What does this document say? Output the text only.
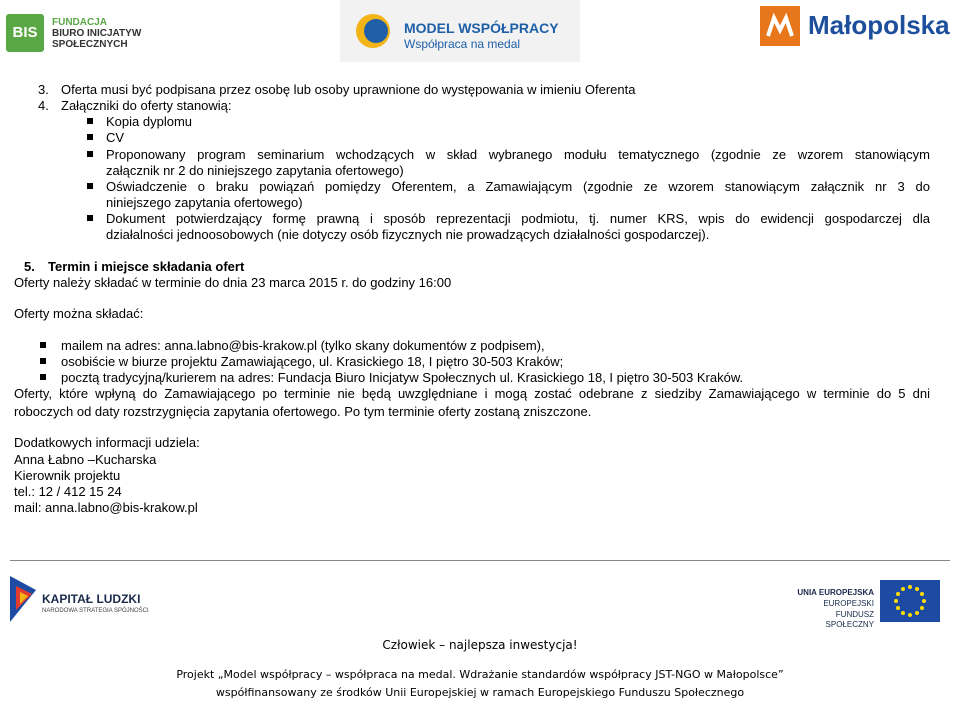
BIS
FUNDACJA
BIURO INICJATYW
SPOŁECZNYCH
MODEL WSPÓŁPRACY
Współpraca na medal
Małopolska
3. Oferta musi być podpisana przez osobę lub osoby uprawnione do występowania w imieniu Oferenta
4. Załączniki do oferty stanowią:
Kopia dyplomu
CV
Proponowany program seminarium wchodzących w skład wybranego modułu tematycznego (zgodnie ze wzorem stanowiącym
załącznik nr 2 do niniejszego zapytania ofertowego)
Oświadczenie o braku powiązań pomiędzy Oferentem, a Zamawiającym (zgodnie ze wzorem stanowiącym załącznik nr 3 do
niniejszego zapytania ofertowego)
Dokument potwierdzający formę prawną i sposób reprezentacji podmiotu, tj. numer KRS, wpis do ewidencji gospodarczej dla
działalności jednoosobowych (nie dotyczy osób fizycznych nie prowadzących działalności gospodarczej).
5. Termin i miejsce składania ofert
Oferty należy składać w terminie do dnia 23 marca 2015 r. do godziny 16:00
Oferty można składać:
mailem na adres: anna.labno@bis-krakow.pl (tylko skany dokumentów z podpisem),
osobiście w biurze projektu Zamawiającego, ul. Krasickiego 18, I piętro 30-503 Kraków;
pocztą tradycyjną/kurierem na adres: Fundacja Biuro Inicjatyw Społecznych ul. Krasickiego 18, I piętro 30-503 Kraków.
Oferty, które wpłyną do Zamawiającego po terminie nie będą uwzględniane i mogą zostać odebrane z siedziby Zamawiającego w terminie do 5 dni
roboczych od daty rozstrzygnięcia zapytania ofertowego. Po tym terminie oferty zostaną zniszczone.
Dodatkowych informacji udziela:
Anna Łabno –Kucharska
Kierownik projektu
tel.: 12 / 412 15 24
mail: anna.labno@bis-krakow.pl
KAPITAŁ LUDZKI
NARODOWA STRATEGIA SPÓJNOŚCI
UNIA EUROPEJSKA
EUROPEJSKI
FUNDUSZ SPOŁECZNY
Człowiek – najlepsza inwestycja!
Projekt „Model współpracy – współpraca na medal. Wdrażanie standardów współpracy JST-NGO w Małopolsce”
współfinansowany ze środków Unii Europejskiej w ramach Europejskiego Funduszu Społecznego
